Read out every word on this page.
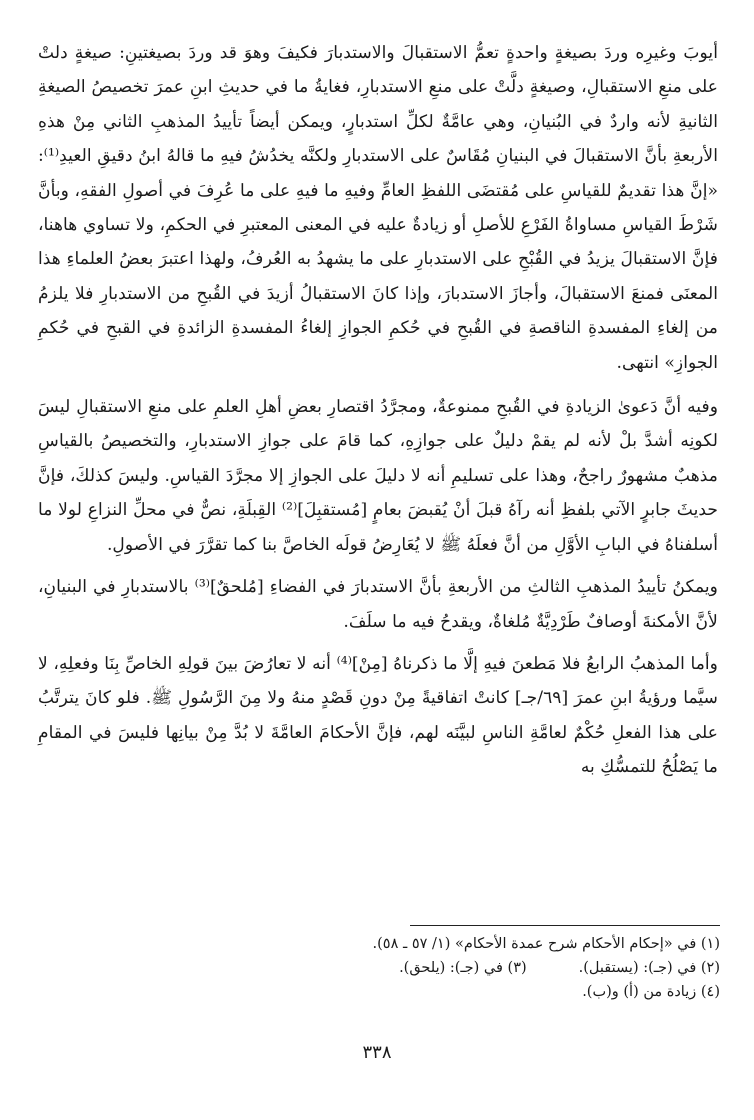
أيوبَ وغيرِه وردَ بصيغةٍ واحدةٍ تعمُّ الاستقبالَ والاستدبارَ فكيفَ وهوَ قد وردَ بصيغتينِ: صيغةٍ دلتْ على منعِ الاستقبالِ، وصيغةٍ دلَّتْ على منعِ الاستدبارِ، فغايةُ ما في حديثِ ابنِ عمرَ تخصيصُ الصيغةِ الثانيةِ لأنه واردٌ في البُنيانِ، وهي عامَّةٌ لكلِّ استدبارٍ، ويمكن أيضاً تأييدُ المذهبِ الثاني مِنْ هذهِ الأربعةِ بأنَّ الاستقبالَ في البنيانِ مُقَاسٌ على الاستدبارِ ولكنَّه يخدُشُ فيهِ ما قالهُ ابنُ دقيقِ العيدِ⁽¹⁾: «إنَّ هذا تقديمٌ للقياسِ على مُقتضَى اللفظِ العامِّ وفيهِ ما فيهِ على ما عُرِفَ في أصولِ الفقهِ، وبأنَّ شَرْطَ القياسِ مساواةُ الفَرْعِ للأصلِ أو زيادةٌ عليه في المعنى المعتبرِ في الحكمِ، ولا تساوي هاهنا، فإنَّ الاستقبالَ يزيدُ في القُبْحِ على الاستدبارِ على ما يشهدُ به العُرفُ، ولهذا اعتبرَ بعضُ العلماءِ هذا المعنَى فمنعَ الاستقبالَ، وأجازَ الاستدبارَ، وإذا كانَ الاستقبالُ أزيدَ في القُبحِ من الاستدبارِ فلا يلزمُ من إلغاءِ المفسدةِ الناقصةِ في القُبحِ في حُكمِ الجوازِ إلغاءُ المفسدةِ الزائدةِ في القبحِ في حُكمِ الجوازِ» انتهى.

وفيه أنَّ دَعوىٰ الزيادةِ في القُبحِ ممنوعةٌ، ومجرَّدُ اقتصارِ بعضِ أهلِ العلمِ على منعِ الاستقبالِ ليسَ لكونِه أشدَّ بلْ لأنه لم يقمْ دليلٌ على جوازِهِ، كما قامَ على جوازِ الاستدبارِ، والتخصيصُ بالقياسِ مذهبٌ مشهورٌ راجحٌ، وهذا على تسليمِ أنه لا دليلَ على الجوازِ إلا مجرَّدَ القياسِ. وليسَ كذلكَ، فإنَّ حديثَ جابرٍ الآتي بلفظِ أنه رآهُ قبلَ أنْ يُقبضَ بعامٍ [مُستقبِلَ]⁽²⁾ القِبلَةِ، نصٌّ في محلِّ النزاعِ لولا ما أسلفناهُ في البابِ الأوَّلِ من أنَّ فعلَهُ ﷺ لا يُعَارِضُ قولَه الخاصَّ بنا كما تقرَّرَ في الأصولِ.

ويمكنُ تأييدُ المذهبِ الثالثِ من الأربعةِ بأنَّ الاستدبارَ في الفضاءِ [مُلحقٌ]⁽³⁾ بالاستدبارِ في البنيانِ، لأنَّ الأمكنةَ أوصافٌ طَرْدِيَّةٌ مُلغاةٌ، ويقدحُ فيه ما سلَفَ.

وأما المذهبُ الرابعُ فلا مَطعنَ فيهِ إلَّا ما ذكرناهُ [مِنْ]⁽⁴⁾ أنه لا تعارُضَ بينَ قولِهِ الخاصِّ بِنَا وفعلِهِ، لا سيَّما ورؤيةُ ابنِ عمرَ [٦٩/جـ] كانتْ اتفاقيةً مِنْ دونِ قَصْدٍ منهُ ولا مِنَ الرَّسُولِ ﷺ. فلو كانَ يترتَّبُ على هذا الفعلِ حُكْمٌ لعامَّةِ الناسِ لبيَّنَه لهم، فإنَّ الأحكامَ العامَّةَ لا بُدَّ مِنْ بيانِها فليسَ في المقامِ ما يَصْلُحُ للتمسُّكِ به

(١) في «إحكام الأحكام شرح عمدة الأحكام» (١/ ٥٧ ـ ٥٨).
(٢) في (جـ): (يستقبل).(٣) في (جـ): (يلحق).
(٤) زيادة من (أ) و(ب).
٣٣٨
